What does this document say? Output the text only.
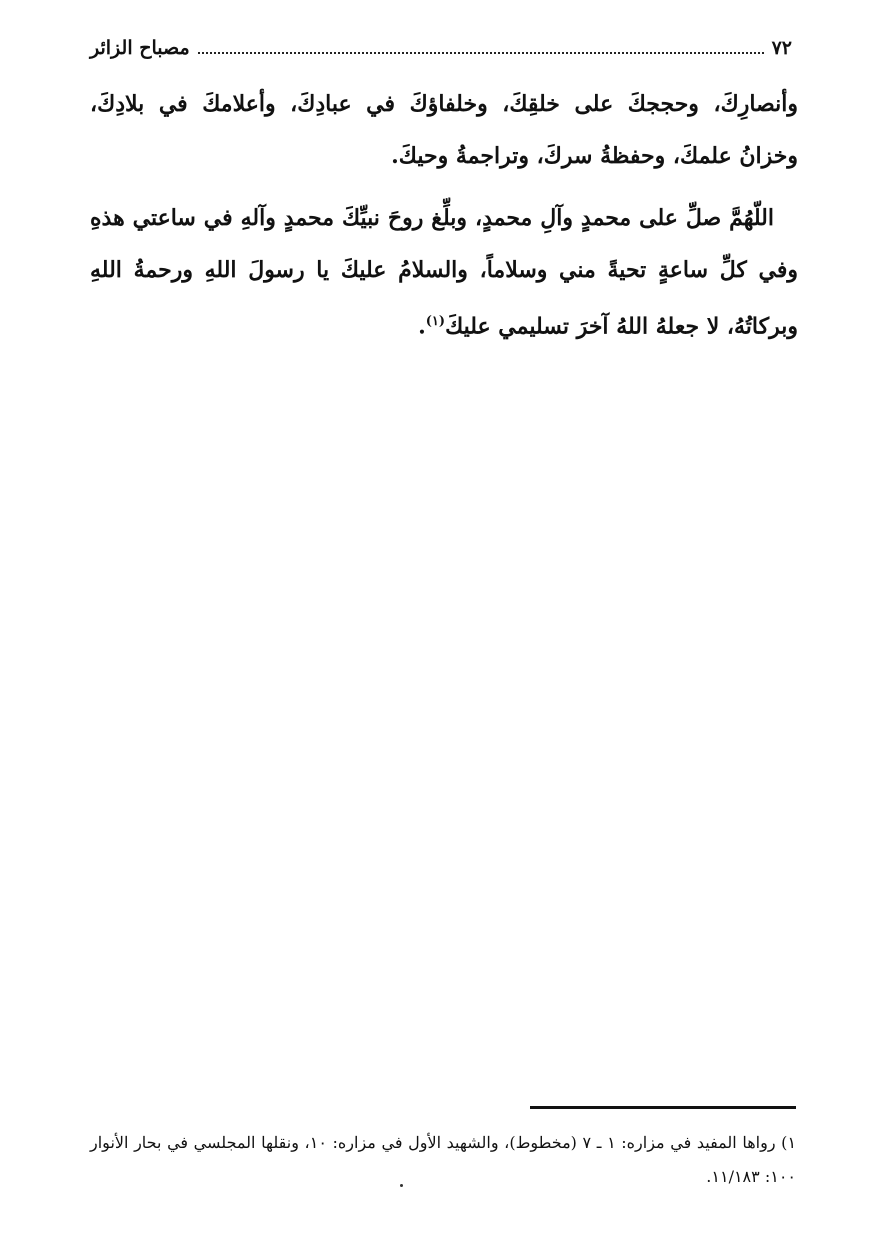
٧٢
مصباح الزائر

وأنصارِكَ، وحججكَ على خلقِكَ، وخلفاؤكَ في عبادِكَ، وأعلامكَ في بلادِكَ، وخزانُ علمكَ، وحفظةُ سركَ، وتراجمةُ وحيكَ.

اللّهُمَّ صلِّ على محمدٍ وآلِ محمدٍ، وبلِّغ روحَ نبيِّكَ محمدٍ وآلهِ في ساعتي هذهِ وفي كلِّ ساعةٍ تحيةً مني وسلاماً، والسلامُ عليكَ يا رسولَ اللهِ ورحمةُ اللهِ وبركاتُهُ، لا جعلهُ اللهُ آخرَ تسليمي عليكَ$^{(١)}$.

١) رواها المفيد في مزاره: ١ ـ ٧ (مخطوط)، والشهيد الأول في مزاره: ١٠، ونقلها المجلسي في بحار الأنوار ١٠٠: ١١/١٨٣.
